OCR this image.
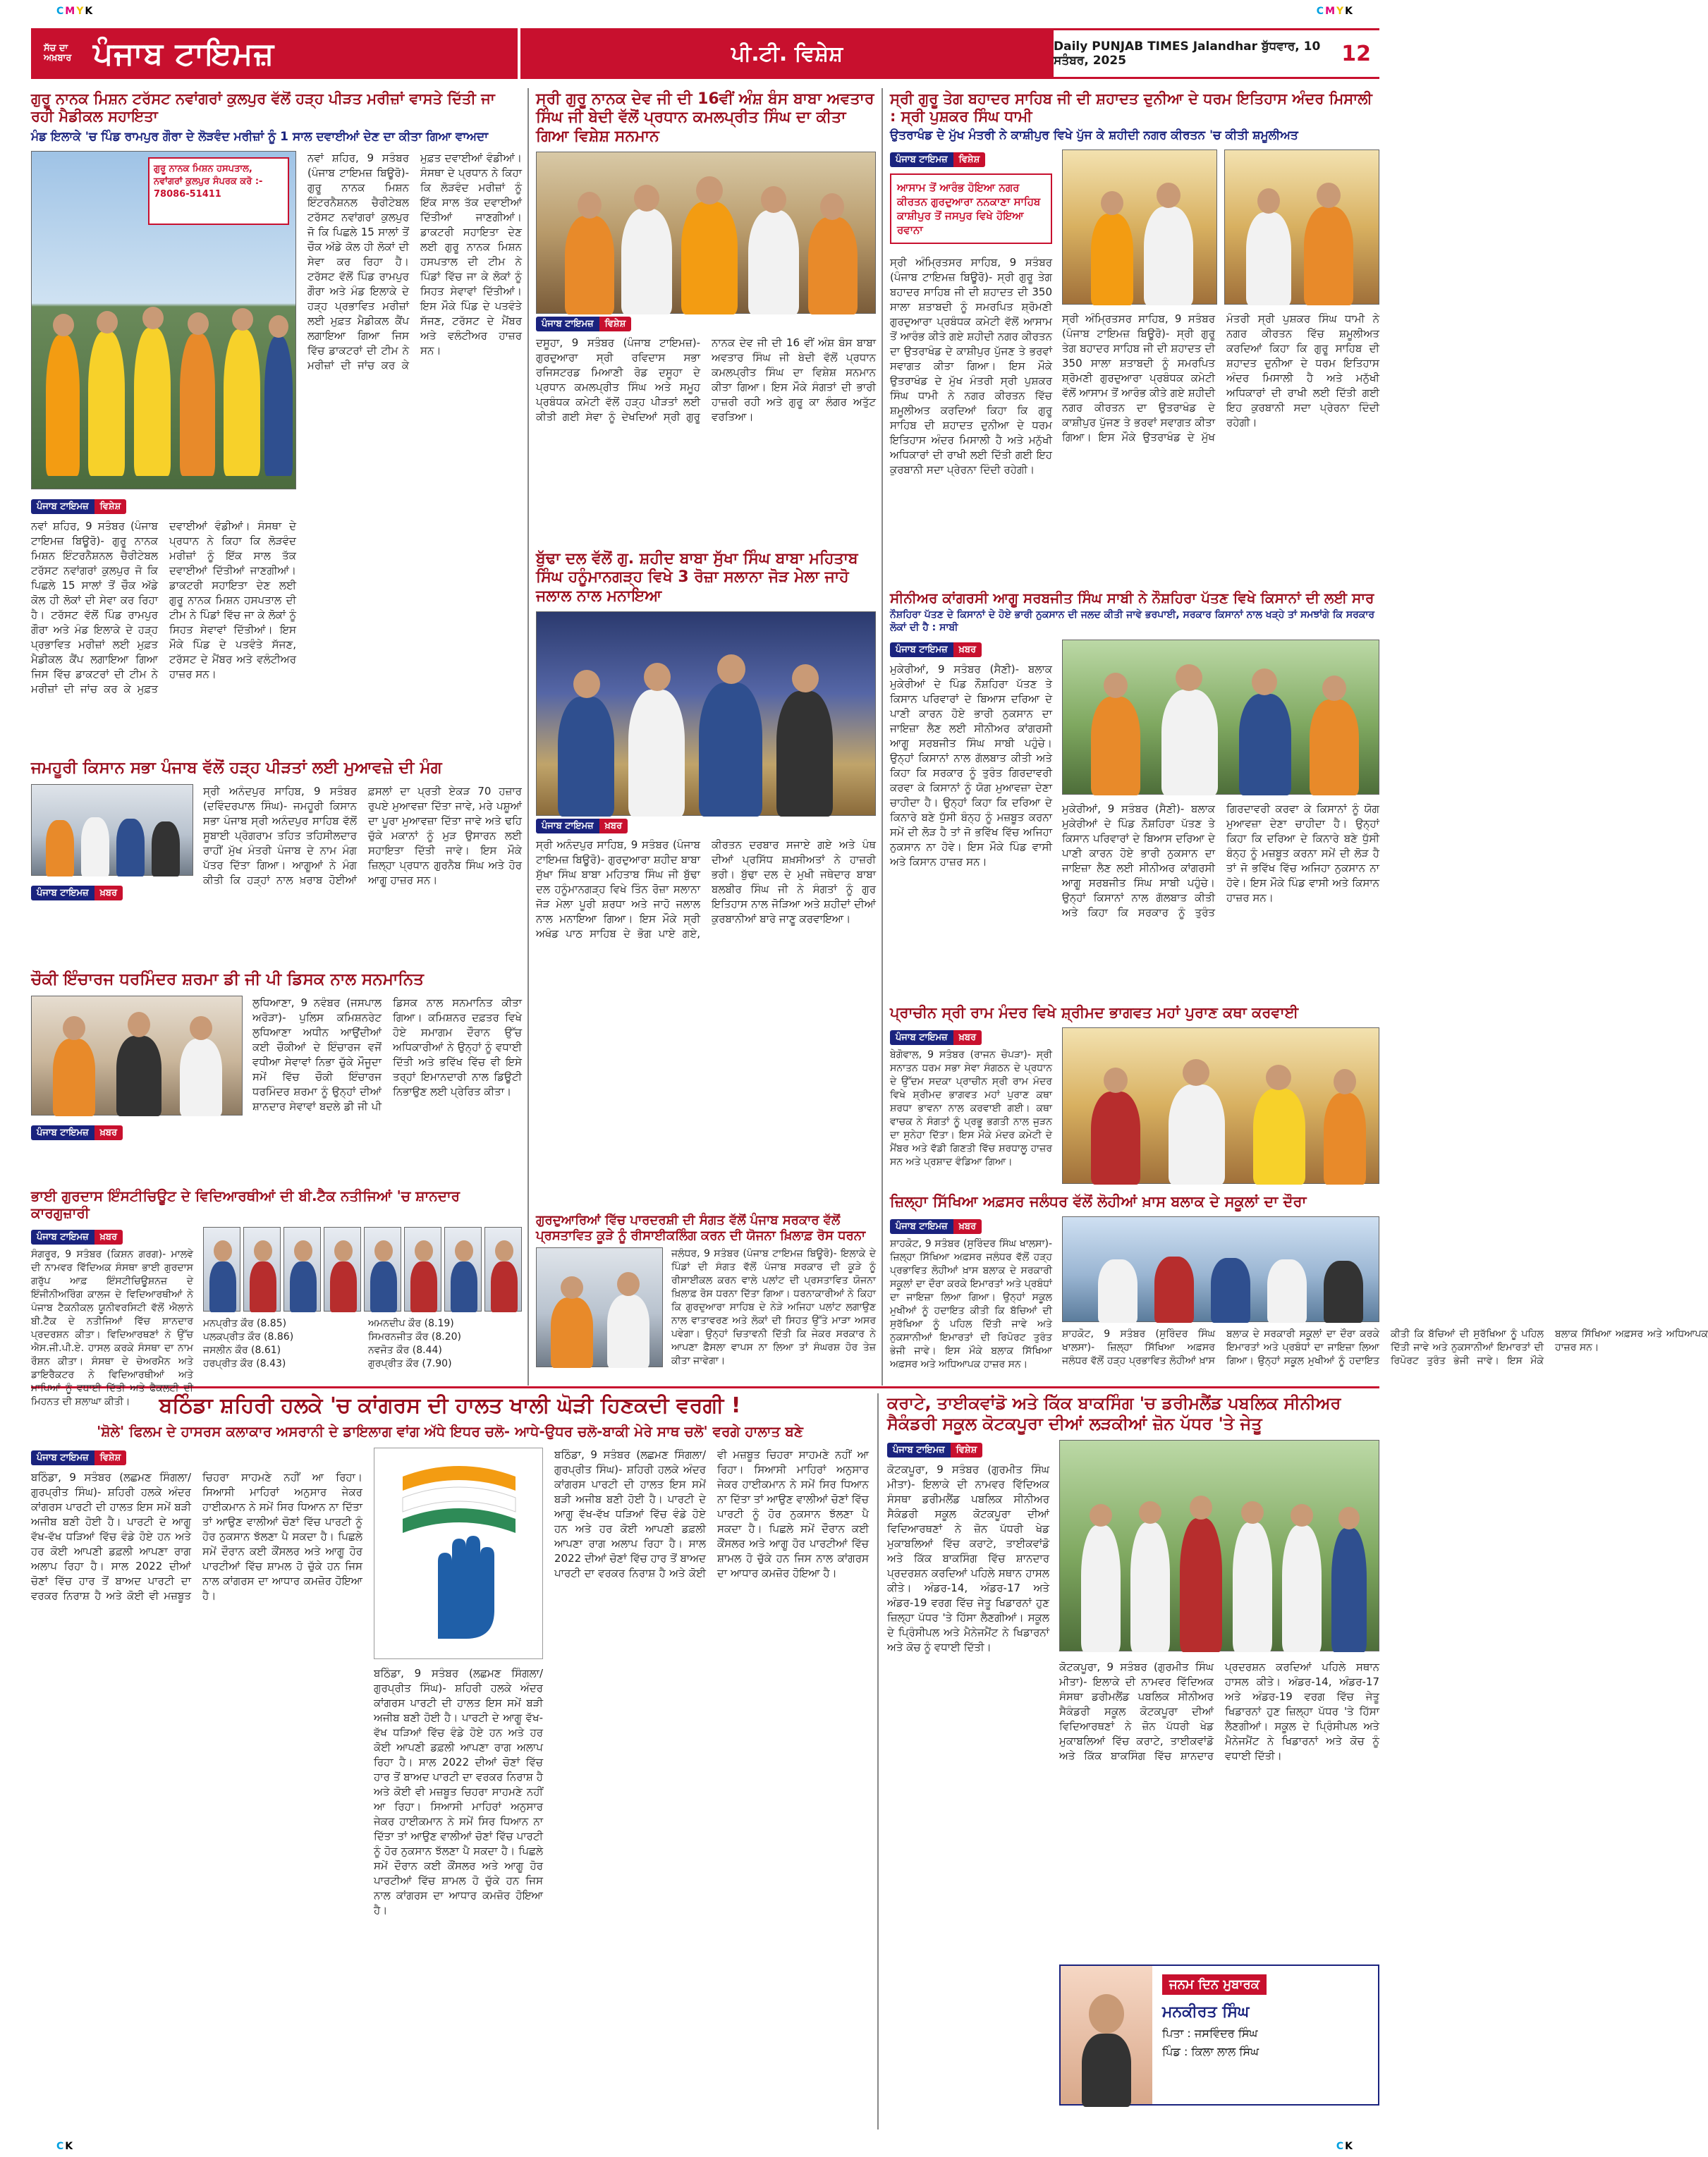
CMYK	CMYK
ਸੱਚ ਦਾ ਅਖ਼ਬਾਰ ਪੰਜਾਬ ਟਾਇਮਜ਼	ਪੀ.ਟੀ. ਵਿਸ਼ੇਸ਼	Daily PUNJAB TIMES Jalandhar ਬੁੱਧਵਾਰ, 10 ਸਤੰਬਰ, 2025	12
ਗੁਰੂ ਨਾਨਕ ਮਿਸ਼ਨ ਟਰੱਸਟ ਨਵਾਂਗਰਾਂ ਕੁਲਪੁਰ ਵੱਲੋਂ ਹੜ੍ਹ ਪੀੜਤ ਮਰੀਜ਼ਾਂ ਵਾਸਤੇ ਦਿੱਤੀ ਜਾ ਰਹੀ ਮੈਡੀਕਲ ਸਹਾਇਤਾ
ਮੰਡ ਇਲਾਕੇ 'ਚ ਪਿੰਡ ਰਾਮਪੁਰ ਗੌਰਾ ਦੇ ਲੋੜਵੰਦ ਮਰੀਜ਼ਾਂ ਨੂੰ 1 ਸਾਲ ਦਵਾਈਆਂ ਦੇਣ ਦਾ ਕੀਤਾ ਗਿਆ ਵਾਅਦਾ
ਗੁਰੂ ਨਾਨਕ ਮਿਸ਼ਨ ਹਸਪਤਾਲ, ਨਵਾਂਗਰਾਂ ਕੁਲਪੁਰ ਸੰਪਰਕ ਕਰੋ :- 78086-51411
ਪੰਜਾਬ ਟਾਇਮਜ਼	ਵਿਸ਼ੇਸ਼
ਨਵਾਂ ਸ਼ਹਿਰ, 9 ਸਤੰਬਰ (ਪੰਜਾਬ ਟਾਇਮਜ਼ ਬਿਊਰੋ)- ਗੁਰੂ ਨਾਨਕ ਮਿਸ਼ਨ ਇੰਟਰਨੈਸ਼ਨਲ ਚੈਰੀਟੇਬਲ ਟਰੱਸਟ ਨਵਾਂਗਰਾਂ ਕੁਲਪੁਰ ਜੋ ਕਿ ਪਿਛਲੇ 15 ਸਾਲਾਂ ਤੋਂ ਚੌਕ ਅੱਡੇ ਕੋਲ ਹੀ ਲੋਕਾਂ ਦੀ ਸੇਵਾ ਕਰ ਰਿਹਾ ਹੈ। ਟਰੱਸਟ ਵੱਲੋਂ ਪਿੰਡ ਰਾਮਪੁਰ ਗੌਰਾ ਅਤੇ ਮੰਡ ਇਲਾਕੇ ਦੇ ਹੜ੍ਹ ਪ੍ਰਭਾਵਿਤ ਮਰੀਜ਼ਾਂ ਲਈ ਮੁਫ਼ਤ ਮੈਡੀਕਲ ਕੈਂਪ ਲਗਾਇਆ ਗਿਆ ਜਿਸ ਵਿੱਚ ਡਾਕਟਰਾਂ ਦੀ ਟੀਮ ਨੇ ਮਰੀਜ਼ਾਂ ਦੀ ਜਾਂਚ ਕਰ ਕੇ ਮੁਫ਼ਤ ਦਵਾਈਆਂ ਵੰਡੀਆਂ। ਸੰਸਥਾ ਦੇ ਪ੍ਰਧਾਨ ਨੇ ਕਿਹਾ ਕਿ ਲੋੜਵੰਦ ਮਰੀਜ਼ਾਂ ਨੂੰ ਇੱਕ ਸਾਲ ਤੱਕ ਦਵਾਈਆਂ ਦਿੱਤੀਆਂ ਜਾਣਗੀਆਂ। ਡਾਕਟਰੀ ਸਹਾਇਤਾ ਦੇਣ ਲਈ ਗੁਰੂ ਨਾਨਕ ਮਿਸ਼ਨ ਹਸਪਤਾਲ ਦੀ ਟੀਮ ਨੇ ਪਿੰਡਾਂ ਵਿੱਚ ਜਾ ਕੇ ਲੋਕਾਂ ਨੂੰ ਸਿਹਤ ਸੇਵਾਵਾਂ ਦਿੱਤੀਆਂ। ਇਸ ਮੌਕੇ ਪਿੰਡ ਦੇ ਪਤਵੰਤੇ ਸੱਜਣ, ਟਰੱਸਟ ਦੇ ਮੈਂਬਰ ਅਤੇ ਵਲੰਟੀਅਰ ਹਾਜ਼ਰ ਸਨ।
ਨਵਾਂ ਸ਼ਹਿਰ, 9 ਸਤੰਬਰ (ਪੰਜਾਬ ਟਾਇਮਜ਼ ਬਿਊਰੋ)- ਗੁਰੂ ਨਾਨਕ ਮਿਸ਼ਨ ਇੰਟਰਨੈਸ਼ਨਲ ਚੈਰੀਟੇਬਲ ਟਰੱਸਟ ਨਵਾਂਗਰਾਂ ਕੁਲਪੁਰ ਜੋ ਕਿ ਪਿਛਲੇ 15 ਸਾਲਾਂ ਤੋਂ ਚੌਕ ਅੱਡੇ ਕੋਲ ਹੀ ਲੋਕਾਂ ਦੀ ਸੇਵਾ ਕਰ ਰਿਹਾ ਹੈ। ਟਰੱਸਟ ਵੱਲੋਂ ਪਿੰਡ ਰਾਮਪੁਰ ਗੌਰਾ ਅਤੇ ਮੰਡ ਇਲਾਕੇ ਦੇ ਹੜ੍ਹ ਪ੍ਰਭਾਵਿਤ ਮਰੀਜ਼ਾਂ ਲਈ ਮੁਫ਼ਤ ਮੈਡੀਕਲ ਕੈਂਪ ਲਗਾਇਆ ਗਿਆ ਜਿਸ ਵਿੱਚ ਡਾਕਟਰਾਂ ਦੀ ਟੀਮ ਨੇ ਮਰੀਜ਼ਾਂ ਦੀ ਜਾਂਚ ਕਰ ਕੇ ਮੁਫ਼ਤ ਦਵਾਈਆਂ ਵੰਡੀਆਂ। ਸੰਸਥਾ ਦੇ ਪ੍ਰਧਾਨ ਨੇ ਕਿਹਾ ਕਿ ਲੋੜਵੰਦ ਮਰੀਜ਼ਾਂ ਨੂੰ ਇੱਕ ਸਾਲ ਤੱਕ ਦਵਾਈਆਂ ਦਿੱਤੀਆਂ ਜਾਣਗੀਆਂ। ਡਾਕਟਰੀ ਸਹਾਇਤਾ ਦੇਣ ਲਈ ਗੁਰੂ ਨਾਨਕ ਮਿਸ਼ਨ ਹਸਪਤਾਲ ਦੀ ਟੀਮ ਨੇ ਪਿੰਡਾਂ ਵਿੱਚ ਜਾ ਕੇ ਲੋਕਾਂ ਨੂੰ ਸਿਹਤ ਸੇਵਾਵਾਂ ਦਿੱਤੀਆਂ। ਇਸ ਮੌਕੇ ਪਿੰਡ ਦੇ ਪਤਵੰਤੇ ਸੱਜਣ, ਟਰੱਸਟ ਦੇ ਮੈਂਬਰ ਅਤੇ ਵਲੰਟੀਅਰ ਹਾਜ਼ਰ ਸਨ।
ਸ੍ਰੀ ਗੁਰੂ ਨਾਨਕ ਦੇਵ ਜੀ ਦੀ 16ਵੀਂ ਅੰਸ਼ ਬੰਸ ਬਾਬਾ ਅਵਤਾਰ ਸਿੰਘ ਜੀ ਬੇਦੀ ਵੱਲੋਂ ਪ੍ਰਧਾਨ ਕਮਲਪ੍ਰੀਤ ਸਿੰਘ ਦਾ ਕੀਤਾ ਗਿਆ ਵਿਸ਼ੇਸ਼ ਸਨਮਾਨ
ਪੰਜਾਬ ਟਾਇਮਜ਼	ਵਿਸ਼ੇਸ਼
ਦਸੂਹਾ, 9 ਸਤੰਬਰ (ਪੰਜਾਬ ਟਾਇਮਜ਼)- ਗੁਰਦੁਆਰਾ ਸ੍ਰੀ ਰਵਿਦਾਸ ਸਭਾ ਰਜਿਸਟਰਡ ਮਿਆਣੀ ਰੋਡ ਦਸੂਹਾ ਦੇ ਪ੍ਰਧਾਨ ਕਮਲਪ੍ਰੀਤ ਸਿੰਘ ਅਤੇ ਸਮੂਹ ਪ੍ਰਬੰਧਕ ਕਮੇਟੀ ਵੱਲੋਂ ਹੜ੍ਹ ਪੀੜਤਾਂ ਲਈ ਕੀਤੀ ਗਈ ਸੇਵਾ ਨੂੰ ਦੇਖਦਿਆਂ ਸ੍ਰੀ ਗੁਰੂ ਨਾਨਕ ਦੇਵ ਜੀ ਦੀ 16 ਵੀਂ ਅੰਸ਼ ਬੰਸ ਬਾਬਾ ਅਵਤਾਰ ਸਿੰਘ ਜੀ ਬੇਦੀ ਵੱਲੋਂ ਪ੍ਰਧਾਨ ਕਮਲਪ੍ਰੀਤ ਸਿੰਘ ਦਾ ਵਿਸ਼ੇਸ਼ ਸਨਮਾਨ ਕੀਤਾ ਗਿਆ। ਇਸ ਮੌਕੇ ਸੰਗਤਾਂ ਦੀ ਭਾਰੀ ਹਾਜ਼ਰੀ ਰਹੀ ਅਤੇ ਗੁਰੂ ਕਾ ਲੰਗਰ ਅਤੁੱਟ ਵਰਤਿਆ।
ਬੁੱਢਾ ਦਲ ਵੱਲੋਂ ਗੁ. ਸ਼ਹੀਦ ਬਾਬਾ ਸੁੱਖਾ ਸਿੰਘ ਬਾਬਾ ਮਹਿਤਾਬ ਸਿੰਘ ਹਨੂੰਮਾਨਗੜ੍ਹ ਵਿਖੇ 3 ਰੋਜ਼ਾ ਸਲਾਨਾ ਜੋੜ ਮੇਲਾ ਜਾਹੋ ਜਲਾਲ ਨਾਲ ਮਨਾਇਆ
ਪੰਜਾਬ ਟਾਇਮਜ਼	ਖ਼ਬਰ
ਸ੍ਰੀ ਅਨੰਦਪੁਰ ਸਾਹਿਬ, 9 ਸਤੰਬਰ (ਪੰਜਾਬ ਟਾਇਮਜ਼ ਬਿਊਰੋ)- ਗੁਰਦੁਆਰਾ ਸ਼ਹੀਦ ਬਾਬਾ ਸੁੱਖਾ ਸਿੰਘ ਬਾਬਾ ਮਹਿਤਾਬ ਸਿੰਘ ਜੀ ਬੁੱਢਾ ਦਲ ਹਨੂੰਮਾਨਗੜ੍ਹ ਵਿਖੇ ਤਿੰਨ ਰੋਜ਼ਾ ਸਲਾਨਾ ਜੋੜ ਮੇਲਾ ਪੂਰੀ ਸ਼ਰਧਾ ਅਤੇ ਜਾਹੋ ਜਲਾਲ ਨਾਲ ਮਨਾਇਆ ਗਿਆ। ਇਸ ਮੌਕੇ ਸ੍ਰੀ ਅਖੰਡ ਪਾਠ ਸਾਹਿਬ ਦੇ ਭੋਗ ਪਾਏ ਗਏ, ਕੀਰਤਨ ਦਰਬਾਰ ਸਜਾਏ ਗਏ ਅਤੇ ਪੰਥ ਦੀਆਂ ਪ੍ਰਸਿੱਧ ਸ਼ਖ਼ਸੀਅਤਾਂ ਨੇ ਹਾਜ਼ਰੀ ਭਰੀ। ਬੁੱਢਾ ਦਲ ਦੇ ਮੁਖੀ ਜਥੇਦਾਰ ਬਾਬਾ ਬਲਬੀਰ ਸਿੰਘ ਜੀ ਨੇ ਸੰਗਤਾਂ ਨੂੰ ਗੁਰ ਇਤਿਹਾਸ ਨਾਲ ਜੋੜਿਆ ਅਤੇ ਸ਼ਹੀਦਾਂ ਦੀਆਂ ਕੁਰਬਾਨੀਆਂ ਬਾਰੇ ਜਾਣੂ ਕਰਵਾਇਆ।
ਸ੍ਰੀ ਗੁਰੂ ਤੇਗ ਬਹਾਦਰ ਸਾਹਿਬ ਜੀ ਦੀ ਸ਼ਹਾਦਤ ਦੁਨੀਆ ਦੇ ਧਰਮ ਇਤਿਹਾਸ ਅੰਦਰ ਮਿਸਾਲੀ : ਸ੍ਰੀ ਪੁਸ਼ਕਰ ਸਿੰਘ ਧਾਮੀ
ਉਤਰਾਖੰਡ ਦੇ ਮੁੱਖ ਮੰਤਰੀ ਨੇ ਕਾਸ਼ੀਪੁਰ ਵਿਖੇ ਪੁੱਜ ਕੇ ਸ਼ਹੀਦੀ ਨਗਰ ਕੀਰਤਨ 'ਚ ਕੀਤੀ ਸ਼ਮੂਲੀਅਤ
ਪੰਜਾਬ ਟਾਇਮਜ਼	ਵਿਸ਼ੇਸ਼
ਆਸਾਮ ਤੋਂ ਆਰੰਭ ਹੋਇਆ ਨਗਰ ਕੀਰਤਨ ਗੁਰਦੁਆਰਾ ਨਨਕਾਣਾ ਸਾਹਿਬ ਕਾਸ਼ੀਪੁਰ ਤੋਂ ਜਸਪੁਰ ਵਿਖੇ ਹੋਇਆ ਰਵਾਨਾ
ਸ੍ਰੀ ਅੰਮ੍ਰਿਤਸਰ ਸਾਹਿਬ, 9 ਸਤੰਬਰ (ਪੰਜਾਬ ਟਾਇਮਜ਼ ਬਿਊਰੋ)- ਸ੍ਰੀ ਗੁਰੂ ਤੇਗ ਬਹਾਦਰ ਸਾਹਿਬ ਜੀ ਦੀ ਸ਼ਹਾਦਤ ਦੀ 350 ਸਾਲਾ ਸ਼ਤਾਬਦੀ ਨੂੰ ਸਮਰਪਿਤ ਸ਼੍ਰੋਮਣੀ ਗੁਰਦੁਆਰਾ ਪ੍ਰਬੰਧਕ ਕਮੇਟੀ ਵੱਲੋਂ ਆਸਾਮ ਤੋਂ ਆਰੰਭ ਕੀਤੇ ਗਏ ਸ਼ਹੀਦੀ ਨਗਰ ਕੀਰਤਨ ਦਾ ਉਤਰਾਖੰਡ ਦੇ ਕਾਸ਼ੀਪੁਰ ਪੁੱਜਣ ਤੇ ਭਰਵਾਂ ਸਵਾਗਤ ਕੀਤਾ ਗਿਆ। ਇਸ ਮੌਕੇ ਉਤਰਾਖੰਡ ਦੇ ਮੁੱਖ ਮੰਤਰੀ ਸ੍ਰੀ ਪੁਸ਼ਕਰ ਸਿੰਘ ਧਾਮੀ ਨੇ ਨਗਰ ਕੀਰਤਨ ਵਿੱਚ ਸ਼ਮੂਲੀਅਤ ਕਰਦਿਆਂ ਕਿਹਾ ਕਿ ਗੁਰੂ ਸਾਹਿਬ ਦੀ ਸ਼ਹਾਦਤ ਦੁਨੀਆ ਦੇ ਧਰਮ ਇਤਿਹਾਸ ਅੰਦਰ ਮਿਸਾਲੀ ਹੈ ਅਤੇ ਮਨੁੱਖੀ ਅਧਿਕਾਰਾਂ ਦੀ ਰਾਖੀ ਲਈ ਦਿੱਤੀ ਗਈ ਇਹ ਕੁਰਬਾਨੀ ਸਦਾ ਪ੍ਰੇਰਨਾ ਦਿੰਦੀ ਰਹੇਗੀ।
ਸ੍ਰੀ ਅੰਮ੍ਰਿਤਸਰ ਸਾਹਿਬ, 9 ਸਤੰਬਰ (ਪੰਜਾਬ ਟਾਇਮਜ਼ ਬਿਊਰੋ)- ਸ੍ਰੀ ਗੁਰੂ ਤੇਗ ਬਹਾਦਰ ਸਾਹਿਬ ਜੀ ਦੀ ਸ਼ਹਾਦਤ ਦੀ 350 ਸਾਲਾ ਸ਼ਤਾਬਦੀ ਨੂੰ ਸਮਰਪਿਤ ਸ਼੍ਰੋਮਣੀ ਗੁਰਦੁਆਰਾ ਪ੍ਰਬੰਧਕ ਕਮੇਟੀ ਵੱਲੋਂ ਆਸਾਮ ਤੋਂ ਆਰੰਭ ਕੀਤੇ ਗਏ ਸ਼ਹੀਦੀ ਨਗਰ ਕੀਰਤਨ ਦਾ ਉਤਰਾਖੰਡ ਦੇ ਕਾਸ਼ੀਪੁਰ ਪੁੱਜਣ ਤੇ ਭਰਵਾਂ ਸਵਾਗਤ ਕੀਤਾ ਗਿਆ। ਇਸ ਮੌਕੇ ਉਤਰਾਖੰਡ ਦੇ ਮੁੱਖ ਮੰਤਰੀ ਸ੍ਰੀ ਪੁਸ਼ਕਰ ਸਿੰਘ ਧਾਮੀ ਨੇ ਨਗਰ ਕੀਰਤਨ ਵਿੱਚ ਸ਼ਮੂਲੀਅਤ ਕਰਦਿਆਂ ਕਿਹਾ ਕਿ ਗੁਰੂ ਸਾਹਿਬ ਦੀ ਸ਼ਹਾਦਤ ਦੁਨੀਆ ਦੇ ਧਰਮ ਇਤਿਹਾਸ ਅੰਦਰ ਮਿਸਾਲੀ ਹੈ ਅਤੇ ਮਨੁੱਖੀ ਅਧਿਕਾਰਾਂ ਦੀ ਰਾਖੀ ਲਈ ਦਿੱਤੀ ਗਈ ਇਹ ਕੁਰਬਾਨੀ ਸਦਾ ਪ੍ਰੇਰਨਾ ਦਿੰਦੀ ਰਹੇਗੀ।
ਸੀਨੀਅਰ ਕਾਂਗਰਸੀ ਆਗੂ ਸਰਬਜੀਤ ਸਿੰਘ ਸਾਬੀ ਨੇ ਨੌਸ਼ਹਿਰਾ ਪੱਤਣ ਵਿਖੇ ਕਿਸਾਨਾਂ ਦੀ ਲਈ ਸਾਰ
ਨੌਸ਼ਹਿਰਾ ਪੱਤਣ ਦੇ ਕਿਸਾਨਾਂ ਦੇ ਹੋਏ ਭਾਰੀ ਨੁਕਸਾਨ ਦੀ ਜਲਦ ਕੀਤੀ ਜਾਵੇ ਭਰਪਾਈ, ਸਰਕਾਰ ਕਿਸਾਨਾਂ ਨਾਲ ਖੜ੍ਹੇ ਤਾਂ ਸਮਝਾਂਗੇ ਕਿ ਸਰਕਾਰ ਲੋਕਾਂ ਦੀ ਹੈ : ਸਾਬੀ
ਪੰਜਾਬ ਟਾਇਮਜ਼	ਖ਼ਬਰ
ਮੁਕੇਰੀਆਂ, 9 ਸਤੰਬਰ (ਸੈਣੀ)- ਬਲਾਕ ਮੁਕੇਰੀਆਂ ਦੇ ਪਿੰਡ ਨੌਸ਼ਹਿਰਾ ਪੱਤਣ ਤੇ ਕਿਸਾਨ ਪਰਿਵਾਰਾਂ ਦੇ ਬਿਆਸ ਦਰਿਆ ਦੇ ਪਾਣੀ ਕਾਰਨ ਹੋਏ ਭਾਰੀ ਨੁਕਸਾਨ ਦਾ ਜਾਇਜ਼ਾ ਲੈਣ ਲਈ ਸੀਨੀਅਰ ਕਾਂਗਰਸੀ ਆਗੂ ਸਰਬਜੀਤ ਸਿੰਘ ਸਾਬੀ ਪਹੁੰਚੇ। ਉਨ੍ਹਾਂ ਕਿਸਾਨਾਂ ਨਾਲ ਗੱਲਬਾਤ ਕੀਤੀ ਅਤੇ ਕਿਹਾ ਕਿ ਸਰਕਾਰ ਨੂੰ ਤੁਰੰਤ ਗਿਰਦਾਵਰੀ ਕਰਵਾ ਕੇ ਕਿਸਾਨਾਂ ਨੂੰ ਯੋਗ ਮੁਆਵਜ਼ਾ ਦੇਣਾ ਚਾਹੀਦਾ ਹੈ। ਉਨ੍ਹਾਂ ਕਿਹਾ ਕਿ ਦਰਿਆ ਦੇ ਕਿਨਾਰੇ ਬਣੇ ਧੁੱਸੀ ਬੰਨ੍ਹ ਨੂੰ ਮਜ਼ਬੂਤ ਕਰਨਾ ਸਮੇਂ ਦੀ ਲੋੜ ਹੈ ਤਾਂ ਜੋ ਭਵਿੱਖ ਵਿੱਚ ਅਜਿਹਾ ਨੁਕਸਾਨ ਨਾ ਹੋਵੇ। ਇਸ ਮੌਕੇ ਪਿੰਡ ਵਾਸੀ ਅਤੇ ਕਿਸਾਨ ਹਾਜ਼ਰ ਸਨ।
ਮੁਕੇਰੀਆਂ, 9 ਸਤੰਬਰ (ਸੈਣੀ)- ਬਲਾਕ ਮੁਕੇਰੀਆਂ ਦੇ ਪਿੰਡ ਨੌਸ਼ਹਿਰਾ ਪੱਤਣ ਤੇ ਕਿਸਾਨ ਪਰਿਵਾਰਾਂ ਦੇ ਬਿਆਸ ਦਰਿਆ ਦੇ ਪਾਣੀ ਕਾਰਨ ਹੋਏ ਭਾਰੀ ਨੁਕਸਾਨ ਦਾ ਜਾਇਜ਼ਾ ਲੈਣ ਲਈ ਸੀਨੀਅਰ ਕਾਂਗਰਸੀ ਆਗੂ ਸਰਬਜੀਤ ਸਿੰਘ ਸਾਬੀ ਪਹੁੰਚੇ। ਉਨ੍ਹਾਂ ਕਿਸਾਨਾਂ ਨਾਲ ਗੱਲਬਾਤ ਕੀਤੀ ਅਤੇ ਕਿਹਾ ਕਿ ਸਰਕਾਰ ਨੂੰ ਤੁਰੰਤ ਗਿਰਦਾਵਰੀ ਕਰਵਾ ਕੇ ਕਿਸਾਨਾਂ ਨੂੰ ਯੋਗ ਮੁਆਵਜ਼ਾ ਦੇਣਾ ਚਾਹੀਦਾ ਹੈ। ਉਨ੍ਹਾਂ ਕਿਹਾ ਕਿ ਦਰਿਆ ਦੇ ਕਿਨਾਰੇ ਬਣੇ ਧੁੱਸੀ ਬੰਨ੍ਹ ਨੂੰ ਮਜ਼ਬੂਤ ਕਰਨਾ ਸਮੇਂ ਦੀ ਲੋੜ ਹੈ ਤਾਂ ਜੋ ਭਵਿੱਖ ਵਿੱਚ ਅਜਿਹਾ ਨੁਕਸਾਨ ਨਾ ਹੋਵੇ। ਇਸ ਮੌਕੇ ਪਿੰਡ ਵਾਸੀ ਅਤੇ ਕਿਸਾਨ ਹਾਜ਼ਰ ਸਨ।
ਜਮਹੂਰੀ ਕਿਸਾਨ ਸਭਾ ਪੰਜਾਬ ਵੱਲੋਂ ਹੜ੍ਹ ਪੀੜਤਾਂ ਲਈ ਮੁਆਵਜ਼ੇ ਦੀ ਮੰਗ
ਪੰਜਾਬ ਟਾਇਮਜ਼	ਖ਼ਬਰ
ਸ੍ਰੀ ਅਨੰਦਪੁਰ ਸਾਹਿਬ, 9 ਸਤੰਬਰ (ਦਵਿੰਦਰਪਾਲ ਸਿੰਘ)- ਜਮਹੂਰੀ ਕਿਸਾਨ ਸਭਾ ਪੰਜਾਬ ਸ੍ਰੀ ਅਨੰਦਪੁਰ ਸਾਹਿਬ ਵੱਲੋਂ ਸੂਬਾਈ ਪ੍ਰੋਗਰਾਮ ਤਹਿਤ ਤਹਿਸੀਲਦਾਰ ਰਾਹੀਂ ਮੁੱਖ ਮੰਤਰੀ ਪੰਜਾਬ ਦੇ ਨਾਮ ਮੰਗ ਪੱਤਰ ਦਿੱਤਾ ਗਿਆ। ਆਗੂਆਂ ਨੇ ਮੰਗ ਕੀਤੀ ਕਿ ਹੜ੍ਹਾਂ ਨਾਲ ਖ਼ਰਾਬ ਹੋਈਆਂ ਫ਼ਸਲਾਂ ਦਾ ਪ੍ਰਤੀ ਏਕੜ 70 ਹਜ਼ਾਰ ਰੁਪਏ ਮੁਆਵਜ਼ਾ ਦਿੱਤਾ ਜਾਵੇ, ਮਰੇ ਪਸ਼ੂਆਂ ਦਾ ਪੂਰਾ ਮੁਆਵਜ਼ਾ ਦਿੱਤਾ ਜਾਵੇ ਅਤੇ ਢਹਿ ਚੁੱਕੇ ਮਕਾਨਾਂ ਨੂੰ ਮੁੜ ਉਸਾਰਨ ਲਈ ਸਹਾਇਤਾ ਦਿੱਤੀ ਜਾਵੇ। ਇਸ ਮੌਕੇ ਜ਼ਿਲ੍ਹਾ ਪ੍ਰਧਾਨ ਗੁਰਨੈਬ ਸਿੰਘ ਅਤੇ ਹੋਰ ਆਗੂ ਹਾਜ਼ਰ ਸਨ।
ਚੌਕੀ ਇੰਚਾਰਜ ਧਰਮਿੰਦਰ ਸ਼ਰਮਾ ਡੀ ਜੀ ਪੀ ਡਿਸਕ ਨਾਲ ਸਨਮਾਨਿਤ
ਪੰਜਾਬ ਟਾਇਮਜ਼	ਖ਼ਬਰ
ਲੁਧਿਆਣਾ, 9 ਨਵੰਬਰ (ਜਸਪਾਲ ਅਰੋੜਾ)- ਪੁਲਿਸ ਕਮਿਸ਼ਨਰੇਟ ਲੁਧਿਆਣਾ ਅਧੀਨ ਆਉਂਦੀਆਂ ਕਈ ਚੌਕੀਆਂ ਦੇ ਇੰਚਾਰਜ ਵਜੋਂ ਵਧੀਆ ਸੇਵਾਵਾਂ ਨਿਭਾ ਚੁੱਕੇ ਮੌਜੂਦਾ ਸਮੇਂ ਵਿੱਚ ਚੌਕੀ ਇੰਚਾਰਜ ਧਰਮਿੰਦਰ ਸ਼ਰਮਾ ਨੂੰ ਉਨ੍ਹਾਂ ਦੀਆਂ ਸ਼ਾਨਦਾਰ ਸੇਵਾਵਾਂ ਬਦਲੇ ਡੀ ਜੀ ਪੀ ਡਿਸਕ ਨਾਲ ਸਨਮਾਨਿਤ ਕੀਤਾ ਗਿਆ। ਕਮਿਸ਼ਨਰ ਦਫ਼ਤਰ ਵਿਖੇ ਹੋਏ ਸਮਾਗਮ ਦੌਰਾਨ ਉੱਚ ਅਧਿਕਾਰੀਆਂ ਨੇ ਉਨ੍ਹਾਂ ਨੂੰ ਵਧਾਈ ਦਿੱਤੀ ਅਤੇ ਭਵਿੱਖ ਵਿੱਚ ਵੀ ਇਸੇ ਤਰ੍ਹਾਂ ਇਮਾਨਦਾਰੀ ਨਾਲ ਡਿਊਟੀ ਨਿਭਾਉਣ ਲਈ ਪ੍ਰੇਰਿਤ ਕੀਤਾ।
ਭਾਈ ਗੁਰਦਾਸ ਇੰਸਟੀਚਿਊਟ ਦੇ ਵਿਦਿਆਰਥੀਆਂ ਦੀ ਬੀ.ਟੈਕ ਨਤੀਜਿਆਂ 'ਚ ਸ਼ਾਨਦਾਰ ਕਾਰਗੁਜ਼ਾਰੀ
ਪੰਜਾਬ ਟਾਇਮਜ਼	ਖ਼ਬਰ
ਸੰਗਰੂਰ, 9 ਸਤੰਬਰ (ਕਿਸ਼ਨ ਗਰਗ)- ਮਾਲਵੇ ਦੀ ਨਾਮਵਰ ਵਿੱਦਿਅਕ ਸੰਸਥਾ ਭਾਈ ਗੁਰਦਾਸ ਗਰੁੱਪ ਆਫ਼ ਇੰਸਟੀਚਿਊਸ਼ਨਜ਼ ਦੇ ਇੰਜੀਨੀਅਰਿੰਗ ਕਾਲਜ ਦੇ ਵਿਦਿਆਰਥੀਆਂ ਨੇ ਪੰਜਾਬ ਟੈਕਨੀਕਲ ਯੂਨੀਵਰਸਿਟੀ ਵੱਲੋਂ ਐਲਾਨੇ ਬੀ.ਟੈਕ ਦੇ ਨਤੀਜਿਆਂ ਵਿੱਚ ਸ਼ਾਨਦਾਰ ਪ੍ਰਦਰਸ਼ਨ ਕੀਤਾ। ਵਿਦਿਆਰਥਣਾਂ ਨੇ ਉੱਚ ਐਸ.ਜੀ.ਪੀ.ਏ. ਹਾਸਲ ਕਰਕੇ ਸੰਸਥਾ ਦਾ ਨਾਮ ਰੌਸ਼ਨ ਕੀਤਾ। ਸੰਸਥਾ ਦੇ ਚੇਅਰਮੈਨ ਅਤੇ ਡਾਇਰੈਕਟਰ ਨੇ ਵਿਦਿਆਰਥੀਆਂ ਅਤੇ ਮਾਪਿਆਂ ਨੂੰ ਵਧਾਈ ਦਿੱਤੀ ਅਤੇ ਫੈਕਲਟੀ ਦੀ ਮਿਹਨਤ ਦੀ ਸ਼ਲਾਘਾ ਕੀਤੀ।
ਮਨਪ੍ਰੀਤ ਕੌਰ (8.85)
ਪਲਕਪ੍ਰੀਤ ਕੌਰ (8.86)
ਜਸਲੀਨ ਕੌਰ (8.61)
ਹਰਪ੍ਰੀਤ ਕੌਰ (8.43)
ਅਮਨਦੀਪ ਕੌਰ (8.19)
ਸਿਮਰਨਜੀਤ ਕੌਰ (8.20)
ਨਵਜੋਤ ਕੌਰ (8.44)
ਗੁਰਪ੍ਰੀਤ ਕੌਰ (7.90)
ਪ੍ਰਾਚੀਨ ਸ੍ਰੀ ਰਾਮ ਮੰਦਰ ਵਿਖੇ ਸ਼੍ਰੀਮਦ ਭਾਗਵਤ ਮਹਾਂ ਪੁਰਾਣ ਕਥਾ ਕਰਵਾਈ
ਪੰਜਾਬ ਟਾਇਮਜ਼	ਖ਼ਬਰ
ਬੇਗੋਵਾਲ, 9 ਸਤੰਬਰ (ਰਾਜਨ ਚੋਪੜਾ)- ਸ੍ਰੀ ਸਨਾਤਨ ਧਰਮ ਸਭਾ ਸੇਵਾ ਸੰਗਠਨ ਦੇ ਪ੍ਰਧਾਨ ਦੇ ਉੱਦਮ ਸਦਕਾ ਪ੍ਰਾਚੀਨ ਸ੍ਰੀ ਰਾਮ ਮੰਦਰ ਵਿਖੇ ਸ਼੍ਰੀਮਦ ਭਾਗਵਤ ਮਹਾਂ ਪੁਰਾਣ ਕਥਾ ਸ਼ਰਧਾ ਭਾਵਨਾ ਨਾਲ ਕਰਵਾਈ ਗਈ। ਕਥਾ ਵਾਚਕ ਨੇ ਸੰਗਤਾਂ ਨੂੰ ਪ੍ਰਭੂ ਭਗਤੀ ਨਾਲ ਜੁੜਨ ਦਾ ਸੁਨੇਹਾ ਦਿੱਤਾ। ਇਸ ਮੌਕੇ ਮੰਦਰ ਕਮੇਟੀ ਦੇ ਮੈਂਬਰ ਅਤੇ ਵੱਡੀ ਗਿਣਤੀ ਵਿੱਚ ਸ਼ਰਧਾਲੂ ਹਾਜ਼ਰ ਸਨ ਅਤੇ ਪ੍ਰਸ਼ਾਦ ਵੰਡਿਆ ਗਿਆ।
ਜ਼ਿਲ੍ਹਾ ਸਿੱਖਿਆ ਅਫ਼ਸਰ ਜਲੰਧਰ ਵੱਲੋਂ ਲੋਹੀਆਂ ਖ਼ਾਸ ਬਲਾਕ ਦੇ ਸਕੂਲਾਂ ਦਾ ਦੌਰਾ
ਪੰਜਾਬ ਟਾਇਮਜ਼	ਖ਼ਬਰ
ਸ਼ਾਹਕੋਟ, 9 ਸਤੰਬਰ (ਸੁਰਿੰਦਰ ਸਿੰਘ ਖਾਲਸਾ)- ਜ਼ਿਲ੍ਹਾ ਸਿੱਖਿਆ ਅਫ਼ਸਰ ਜਲੰਧਰ ਵੱਲੋਂ ਹੜ੍ਹ ਪ੍ਰਭਾਵਿਤ ਲੋਹੀਆਂ ਖ਼ਾਸ ਬਲਾਕ ਦੇ ਸਰਕਾਰੀ ਸਕੂਲਾਂ ਦਾ ਦੌਰਾ ਕਰਕੇ ਇਮਾਰਤਾਂ ਅਤੇ ਪ੍ਰਬੰਧਾਂ ਦਾ ਜਾਇਜ਼ਾ ਲਿਆ ਗਿਆ। ਉਨ੍ਹਾਂ ਸਕੂਲ ਮੁਖੀਆਂ ਨੂੰ ਹਦਾਇਤ ਕੀਤੀ ਕਿ ਬੱਚਿਆਂ ਦੀ ਸੁਰੱਖਿਆ ਨੂੰ ਪਹਿਲ ਦਿੱਤੀ ਜਾਵੇ ਅਤੇ ਨੁਕਸਾਨੀਆਂ ਇਮਾਰਤਾਂ ਦੀ ਰਿਪੋਰਟ ਤੁਰੰਤ ਭੇਜੀ ਜਾਵੇ। ਇਸ ਮੌਕੇ ਬਲਾਕ ਸਿੱਖਿਆ ਅਫ਼ਸਰ ਅਤੇ ਅਧਿਆਪਕ ਹਾਜ਼ਰ ਸਨ।
ਸ਼ਾਹਕੋਟ, 9 ਸਤੰਬਰ (ਸੁਰਿੰਦਰ ਸਿੰਘ ਖਾਲਸਾ)- ਜ਼ਿਲ੍ਹਾ ਸਿੱਖਿਆ ਅਫ਼ਸਰ ਜਲੰਧਰ ਵੱਲੋਂ ਹੜ੍ਹ ਪ੍ਰਭਾਵਿਤ ਲੋਹੀਆਂ ਖ਼ਾਸ ਬਲਾਕ ਦੇ ਸਰਕਾਰੀ ਸਕੂਲਾਂ ਦਾ ਦੌਰਾ ਕਰਕੇ ਇਮਾਰਤਾਂ ਅਤੇ ਪ੍ਰਬੰਧਾਂ ਦਾ ਜਾਇਜ਼ਾ ਲਿਆ ਗਿਆ। ਉਨ੍ਹਾਂ ਸਕੂਲ ਮੁਖੀਆਂ ਨੂੰ ਹਦਾਇਤ ਕੀਤੀ ਕਿ ਬੱਚਿਆਂ ਦੀ ਸੁਰੱਖਿਆ ਨੂੰ ਪਹਿਲ ਦਿੱਤੀ ਜਾਵੇ ਅਤੇ ਨੁਕਸਾਨੀਆਂ ਇਮਾਰਤਾਂ ਦੀ ਰਿਪੋਰਟ ਤੁਰੰਤ ਭੇਜੀ ਜਾਵੇ। ਇਸ ਮੌਕੇ ਬਲਾਕ ਸਿੱਖਿਆ ਅਫ਼ਸਰ ਅਤੇ ਅਧਿਆਪਕ ਹਾਜ਼ਰ ਸਨ।
ਗੁਰਦੁਆਰਿਆਂ ਵਿੱਚ ਪਾਰਦਰਸ਼ੀ ਦੀ ਸੰਗਤ ਵੱਲੋਂ ਪੰਜਾਬ ਸਰਕਾਰ ਵੱਲੋਂ ਪ੍ਰਸਤਾਵਿਤ ਕੂੜੇ ਨੂੰ ਰੀਸਾਈਕਲਿੰਗ ਕਰਨ ਦੀ ਯੋਜਨਾ ਖ਼ਿਲਾਫ਼ ਰੋਸ ਧਰਨਾ
ਜਲੰਧਰ, 9 ਸਤੰਬਰ (ਪੰਜਾਬ ਟਾਇਮਜ਼ ਬਿਊਰੋ)- ਇਲਾਕੇ ਦੇ ਪਿੰਡਾਂ ਦੀ ਸੰਗਤ ਵੱਲੋਂ ਪੰਜਾਬ ਸਰਕਾਰ ਦੀ ਕੂੜੇ ਨੂੰ ਰੀਸਾਈਕਲ ਕਰਨ ਵਾਲੇ ਪਲਾਂਟ ਦੀ ਪ੍ਰਸਤਾਵਿਤ ਯੋਜਨਾ ਖ਼ਿਲਾਫ਼ ਰੋਸ ਧਰਨਾ ਦਿੱਤਾ ਗਿਆ। ਧਰਨਾਕਾਰੀਆਂ ਨੇ ਕਿਹਾ ਕਿ ਗੁਰਦੁਆਰਾ ਸਾਹਿਬ ਦੇ ਨੇੜੇ ਅਜਿਹਾ ਪਲਾਂਟ ਲਗਾਉਣ ਨਾਲ ਵਾਤਾਵਰਣ ਅਤੇ ਲੋਕਾਂ ਦੀ ਸਿਹਤ ਉੱਤੇ ਮਾੜਾ ਅਸਰ ਪਵੇਗਾ। ਉਨ੍ਹਾਂ ਚਿਤਾਵਨੀ ਦਿੱਤੀ ਕਿ ਜੇਕਰ ਸਰਕਾਰ ਨੇ ਆਪਣਾ ਫ਼ੈਸਲਾ ਵਾਪਸ ਨਾ ਲਿਆ ਤਾਂ ਸੰਘਰਸ਼ ਹੋਰ ਤੇਜ਼ ਕੀਤਾ ਜਾਵੇਗਾ।
ਬਠਿੰਡਾ ਸ਼ਹਿਰੀ ਹਲਕੇ 'ਚ ਕਾਂਗਰਸ ਦੀ ਹਾਲਤ ਖਾਲੀ ਘੋੜੀ ਹਿਣਕਦੀ ਵਰਗੀ !
'ਸ਼ੋਲੇ' ਫਿਲਮ ਦੇ ਹਾਸਰਸ ਕਲਾਕਾਰ ਅਸਰਾਨੀ ਦੇ ਡਾਇਲਾਗ ਵਾਂਗ ਅੱਧੇ ਇਧਰ ਚਲੋ- ਆਧੇ-ਉਧਰ ਚਲੋ-ਬਾਕੀ ਮੇਰੇ ਸਾਥ ਚਲੋ' ਵਰਗੇ ਹਾਲਾਤ ਬਣੇ
ਪੰਜਾਬ ਟਾਇਮਜ਼	ਵਿਸ਼ੇਸ਼
ਬਠਿੰਡਾ, 9 ਸਤੰਬਰ (ਲਛਮਣ ਸਿੰਗਲਾ/ ਗੁਰਪ੍ਰੀਤ ਸਿੰਘ)- ਸ਼ਹਿਰੀ ਹਲਕੇ ਅੰਦਰ ਕਾਂਗਰਸ ਪਾਰਟੀ ਦੀ ਹਾਲਤ ਇਸ ਸਮੇਂ ਬੜੀ ਅਜੀਬ ਬਣੀ ਹੋਈ ਹੈ। ਪਾਰਟੀ ਦੇ ਆਗੂ ਵੱਖ-ਵੱਖ ਧੜਿਆਂ ਵਿੱਚ ਵੰਡੇ ਹੋਏ ਹਨ ਅਤੇ ਹਰ ਕੋਈ ਆਪਣੀ ਡਫ਼ਲੀ ਆਪਣਾ ਰਾਗ ਅਲਾਪ ਰਿਹਾ ਹੈ। ਸਾਲ 2022 ਦੀਆਂ ਚੋਣਾਂ ਵਿੱਚ ਹਾਰ ਤੋਂ ਬਾਅਦ ਪਾਰਟੀ ਦਾ ਵਰਕਰ ਨਿਰਾਸ਼ ਹੈ ਅਤੇ ਕੋਈ ਵੀ ਮਜ਼ਬੂਤ ਚਿਹਰਾ ਸਾਹਮਣੇ ਨਹੀਂ ਆ ਰਿਹਾ। ਸਿਆਸੀ ਮਾਹਿਰਾਂ ਅਨੁਸਾਰ ਜੇਕਰ ਹਾਈਕਮਾਨ ਨੇ ਸਮੇਂ ਸਿਰ ਧਿਆਨ ਨਾ ਦਿੱਤਾ ਤਾਂ ਆਉਣ ਵਾਲੀਆਂ ਚੋਣਾਂ ਵਿੱਚ ਪਾਰਟੀ ਨੂੰ ਹੋਰ ਨੁਕਸਾਨ ਝੱਲਣਾ ਪੈ ਸਕਦਾ ਹੈ। ਪਿਛਲੇ ਸਮੇਂ ਦੌਰਾਨ ਕਈ ਕੌਂਸਲਰ ਅਤੇ ਆਗੂ ਹੋਰ ਪਾਰਟੀਆਂ ਵਿੱਚ ਸ਼ਾਮਲ ਹੋ ਚੁੱਕੇ ਹਨ ਜਿਸ ਨਾਲ ਕਾਂਗਰਸ ਦਾ ਆਧਾਰ ਕਮਜ਼ੋਰ ਹੋਇਆ ਹੈ।
ਬਠਿੰਡਾ, 9 ਸਤੰਬਰ (ਲਛਮਣ ਸਿੰਗਲਾ/ ਗੁਰਪ੍ਰੀਤ ਸਿੰਘ)- ਸ਼ਹਿਰੀ ਹਲਕੇ ਅੰਦਰ ਕਾਂਗਰਸ ਪਾਰਟੀ ਦੀ ਹਾਲਤ ਇਸ ਸਮੇਂ ਬੜੀ ਅਜੀਬ ਬਣੀ ਹੋਈ ਹੈ। ਪਾਰਟੀ ਦੇ ਆਗੂ ਵੱਖ-ਵੱਖ ਧੜਿਆਂ ਵਿੱਚ ਵੰਡੇ ਹੋਏ ਹਨ ਅਤੇ ਹਰ ਕੋਈ ਆਪਣੀ ਡਫ਼ਲੀ ਆਪਣਾ ਰਾਗ ਅਲਾਪ ਰਿਹਾ ਹੈ। ਸਾਲ 2022 ਦੀਆਂ ਚੋਣਾਂ ਵਿੱਚ ਹਾਰ ਤੋਂ ਬਾਅਦ ਪਾਰਟੀ ਦਾ ਵਰਕਰ ਨਿਰਾਸ਼ ਹੈ ਅਤੇ ਕੋਈ ਵੀ ਮਜ਼ਬੂਤ ਚਿਹਰਾ ਸਾਹਮਣੇ ਨਹੀਂ ਆ ਰਿਹਾ। ਸਿਆਸੀ ਮਾਹਿਰਾਂ ਅਨੁਸਾਰ ਜੇਕਰ ਹਾਈਕਮਾਨ ਨੇ ਸਮੇਂ ਸਿਰ ਧਿਆਨ ਨਾ ਦਿੱਤਾ ਤਾਂ ਆਉਣ ਵਾਲੀਆਂ ਚੋਣਾਂ ਵਿੱਚ ਪਾਰਟੀ ਨੂੰ ਹੋਰ ਨੁਕਸਾਨ ਝੱਲਣਾ ਪੈ ਸਕਦਾ ਹੈ। ਪਿਛਲੇ ਸਮੇਂ ਦੌਰਾਨ ਕਈ ਕੌਂਸਲਰ ਅਤੇ ਆਗੂ ਹੋਰ ਪਾਰਟੀਆਂ ਵਿੱਚ ਸ਼ਾਮਲ ਹੋ ਚੁੱਕੇ ਹਨ ਜਿਸ ਨਾਲ ਕਾਂਗਰਸ ਦਾ ਆਧਾਰ ਕਮਜ਼ੋਰ ਹੋਇਆ ਹੈ।
ਬਠਿੰਡਾ, 9 ਸਤੰਬਰ (ਲਛਮਣ ਸਿੰਗਲਾ/ ਗੁਰਪ੍ਰੀਤ ਸਿੰਘ)- ਸ਼ਹਿਰੀ ਹਲਕੇ ਅੰਦਰ ਕਾਂਗਰਸ ਪਾਰਟੀ ਦੀ ਹਾਲਤ ਇਸ ਸਮੇਂ ਬੜੀ ਅਜੀਬ ਬਣੀ ਹੋਈ ਹੈ। ਪਾਰਟੀ ਦੇ ਆਗੂ ਵੱਖ-ਵੱਖ ਧੜਿਆਂ ਵਿੱਚ ਵੰਡੇ ਹੋਏ ਹਨ ਅਤੇ ਹਰ ਕੋਈ ਆਪਣੀ ਡਫ਼ਲੀ ਆਪਣਾ ਰਾਗ ਅਲਾਪ ਰਿਹਾ ਹੈ। ਸਾਲ 2022 ਦੀਆਂ ਚੋਣਾਂ ਵਿੱਚ ਹਾਰ ਤੋਂ ਬਾਅਦ ਪਾਰਟੀ ਦਾ ਵਰਕਰ ਨਿਰਾਸ਼ ਹੈ ਅਤੇ ਕੋਈ ਵੀ ਮਜ਼ਬੂਤ ਚਿਹਰਾ ਸਾਹਮਣੇ ਨਹੀਂ ਆ ਰਿਹਾ। ਸਿਆਸੀ ਮਾਹਿਰਾਂ ਅਨੁਸਾਰ ਜੇਕਰ ਹਾਈਕਮਾਨ ਨੇ ਸਮੇਂ ਸਿਰ ਧਿਆਨ ਨਾ ਦਿੱਤਾ ਤਾਂ ਆਉਣ ਵਾਲੀਆਂ ਚੋਣਾਂ ਵਿੱਚ ਪਾਰਟੀ ਨੂੰ ਹੋਰ ਨੁਕਸਾਨ ਝੱਲਣਾ ਪੈ ਸਕਦਾ ਹੈ। ਪਿਛਲੇ ਸਮੇਂ ਦੌਰਾਨ ਕਈ ਕੌਂਸਲਰ ਅਤੇ ਆਗੂ ਹੋਰ ਪਾਰਟੀਆਂ ਵਿੱਚ ਸ਼ਾਮਲ ਹੋ ਚੁੱਕੇ ਹਨ ਜਿਸ ਨਾਲ ਕਾਂਗਰਸ ਦਾ ਆਧਾਰ ਕਮਜ਼ੋਰ ਹੋਇਆ ਹੈ।
ਕਰਾਟੇ, ਤਾਈਕਵਾਂਡੋ ਅਤੇ ਕਿੱਕ ਬਾਕਸਿੰਗ 'ਚ ਡਰੀਮਲੈਂਡ ਪਬਲਿਕ ਸੀਨੀਅਰ ਸੈਕੰਡਰੀ ਸਕੂਲ ਕੋਟਕਪੂਰਾ ਦੀਆਂ ਲੜਕੀਆਂ ਜ਼ੋਨ ਪੱਧਰ 'ਤੇ ਜੇਤੂ
ਪੰਜਾਬ ਟਾਇਮਜ਼	ਵਿਸ਼ੇਸ਼
ਕੋਟਕਪੂਰਾ, 9 ਸਤੰਬਰ (ਗੁਰਮੀਤ ਸਿੰਘ ਮੀਤਾ)- ਇਲਾਕੇ ਦੀ ਨਾਮਵਰ ਵਿੱਦਿਅਕ ਸੰਸਥਾ ਡਰੀਮਲੈਂਡ ਪਬਲਿਕ ਸੀਨੀਅਰ ਸੈਕੰਡਰੀ ਸਕੂਲ ਕੋਟਕਪੂਰਾ ਦੀਆਂ ਵਿਦਿਆਰਥਣਾਂ ਨੇ ਜ਼ੋਨ ਪੱਧਰੀ ਖੇਡ ਮੁਕਾਬਲਿਆਂ ਵਿੱਚ ਕਰਾਟੇ, ਤਾਈਕਵਾਂਡੋ ਅਤੇ ਕਿੱਕ ਬਾਕਸਿੰਗ ਵਿੱਚ ਸ਼ਾਨਦਾਰ ਪ੍ਰਦਰਸ਼ਨ ਕਰਦਿਆਂ ਪਹਿਲੇ ਸਥਾਨ ਹਾਸਲ ਕੀਤੇ। ਅੰਡਰ-14, ਅੰਡਰ-17 ਅਤੇ ਅੰਡਰ-19 ਵਰਗ ਵਿੱਚ ਜੇਤੂ ਖਿਡਾਰਨਾਂ ਹੁਣ ਜ਼ਿਲ੍ਹਾ ਪੱਧਰ 'ਤੇ ਹਿੱਸਾ ਲੈਣਗੀਆਂ। ਸਕੂਲ ਦੇ ਪ੍ਰਿੰਸੀਪਲ ਅਤੇ ਮੈਨੇਜਮੈਂਟ ਨੇ ਖਿਡਾਰਨਾਂ ਅਤੇ ਕੋਚ ਨੂੰ ਵਧਾਈ ਦਿੱਤੀ।
ਕੋਟਕਪੂਰਾ, 9 ਸਤੰਬਰ (ਗੁਰਮੀਤ ਸਿੰਘ ਮੀਤਾ)- ਇਲਾਕੇ ਦੀ ਨਾਮਵਰ ਵਿੱਦਿਅਕ ਸੰਸਥਾ ਡਰੀਮਲੈਂਡ ਪਬਲਿਕ ਸੀਨੀਅਰ ਸੈਕੰਡਰੀ ਸਕੂਲ ਕੋਟਕਪੂਰਾ ਦੀਆਂ ਵਿਦਿਆਰਥਣਾਂ ਨੇ ਜ਼ੋਨ ਪੱਧਰੀ ਖੇਡ ਮੁਕਾਬਲਿਆਂ ਵਿੱਚ ਕਰਾਟੇ, ਤਾਈਕਵਾਂਡੋ ਅਤੇ ਕਿੱਕ ਬਾਕਸਿੰਗ ਵਿੱਚ ਸ਼ਾਨਦਾਰ ਪ੍ਰਦਰਸ਼ਨ ਕਰਦਿਆਂ ਪਹਿਲੇ ਸਥਾਨ ਹਾਸਲ ਕੀਤੇ। ਅੰਡਰ-14, ਅੰਡਰ-17 ਅਤੇ ਅੰਡਰ-19 ਵਰਗ ਵਿੱਚ ਜੇਤੂ ਖਿਡਾਰਨਾਂ ਹੁਣ ਜ਼ਿਲ੍ਹਾ ਪੱਧਰ 'ਤੇ ਹਿੱਸਾ ਲੈਣਗੀਆਂ। ਸਕੂਲ ਦੇ ਪ੍ਰਿੰਸੀਪਲ ਅਤੇ ਮੈਨੇਜਮੈਂਟ ਨੇ ਖਿਡਾਰਨਾਂ ਅਤੇ ਕੋਚ ਨੂੰ ਵਧਾਈ ਦਿੱਤੀ।
ਜਨਮ ਦਿਨ ਮੁਬਾਰਕ
ਮਨਕੀਰਤ ਸਿੰਘ
ਪਿਤਾ : ਜਸਵਿੰਦਰ ਸਿੰਘ
ਪਿੰਡ : ਕਿਲਾ ਲਾਲ ਸਿੰਘ
CK	CK
